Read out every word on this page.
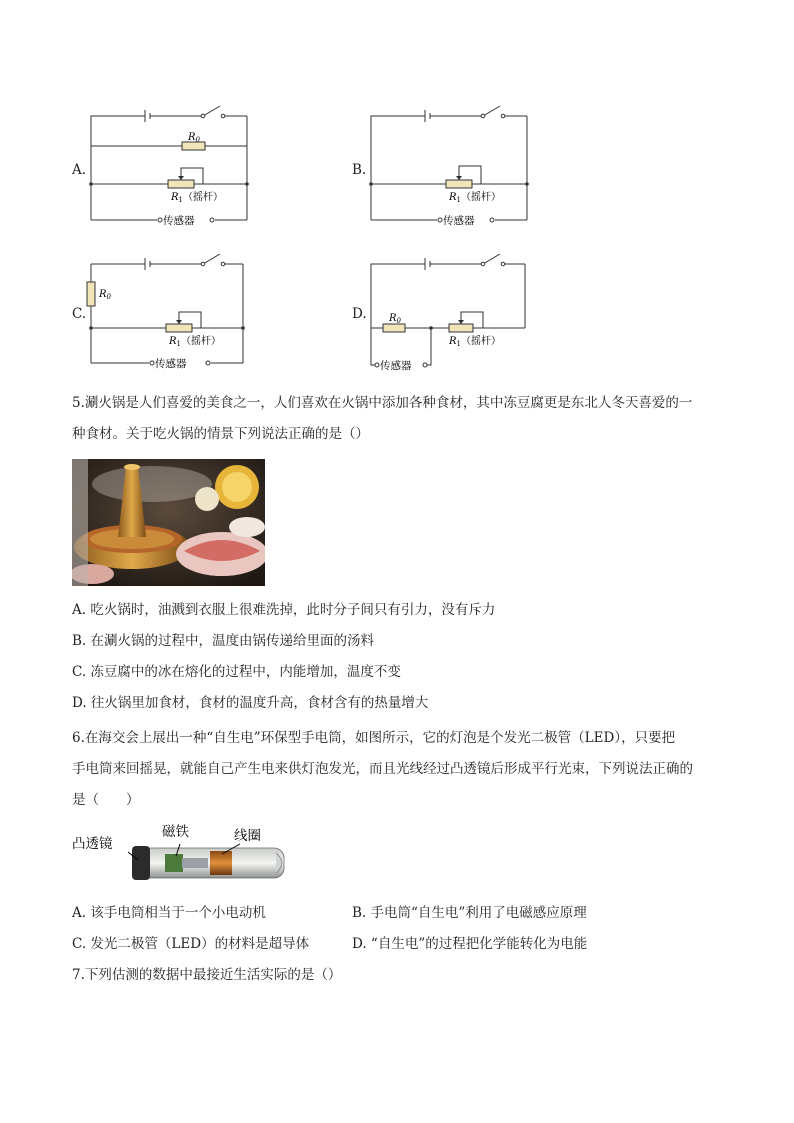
A.
$R_0$
$R_1$（摇杆）
传感器
B.
$R_1$（摇杆）
传感器
C.
$R_0$
$R_1$（摇杆）
传感器
D. $R_0$
$R_1$（摇杆）
传感器
5.涮火锅是人们喜爱的美食之一，人们喜欢在火锅中添加各种食材，其中冻豆腐更是东北人冬天喜爱的一
种食材。关于吃火锅的情景下列说法正确的是（）
A. 吃火锅时，油溅到衣服上很难洗掉，此时分子间只有引力，没有斥力
B. 在涮火锅的过程中，温度由锅传递给里面的汤料
C. 冻豆腐中的冰在熔化的过程中，内能增加，温度不变
D. 往火锅里加食材，食材的温度升高，食材含有的热量增大
6.在海交会上展出一种“自生电”环保型手电筒，如图所示，它的灯泡是个发光二极管（LED），只要把
手电筒来回摇晃，就能自己产生电来供灯泡发光，而且光线经过凸透镜后形成平行光束，下列说法正确的
是（　　）
凸透镜
磁铁	线圈
A. 该手电筒相当于一个小电动机	B. 手电筒“自生电”利用了电磁感应原理
C. 发光二极管（LED）的材料是超导体	D. “自生电”的过程把化学能转化为电能
7.下列估测的数据中最接近生活实际的是（）
